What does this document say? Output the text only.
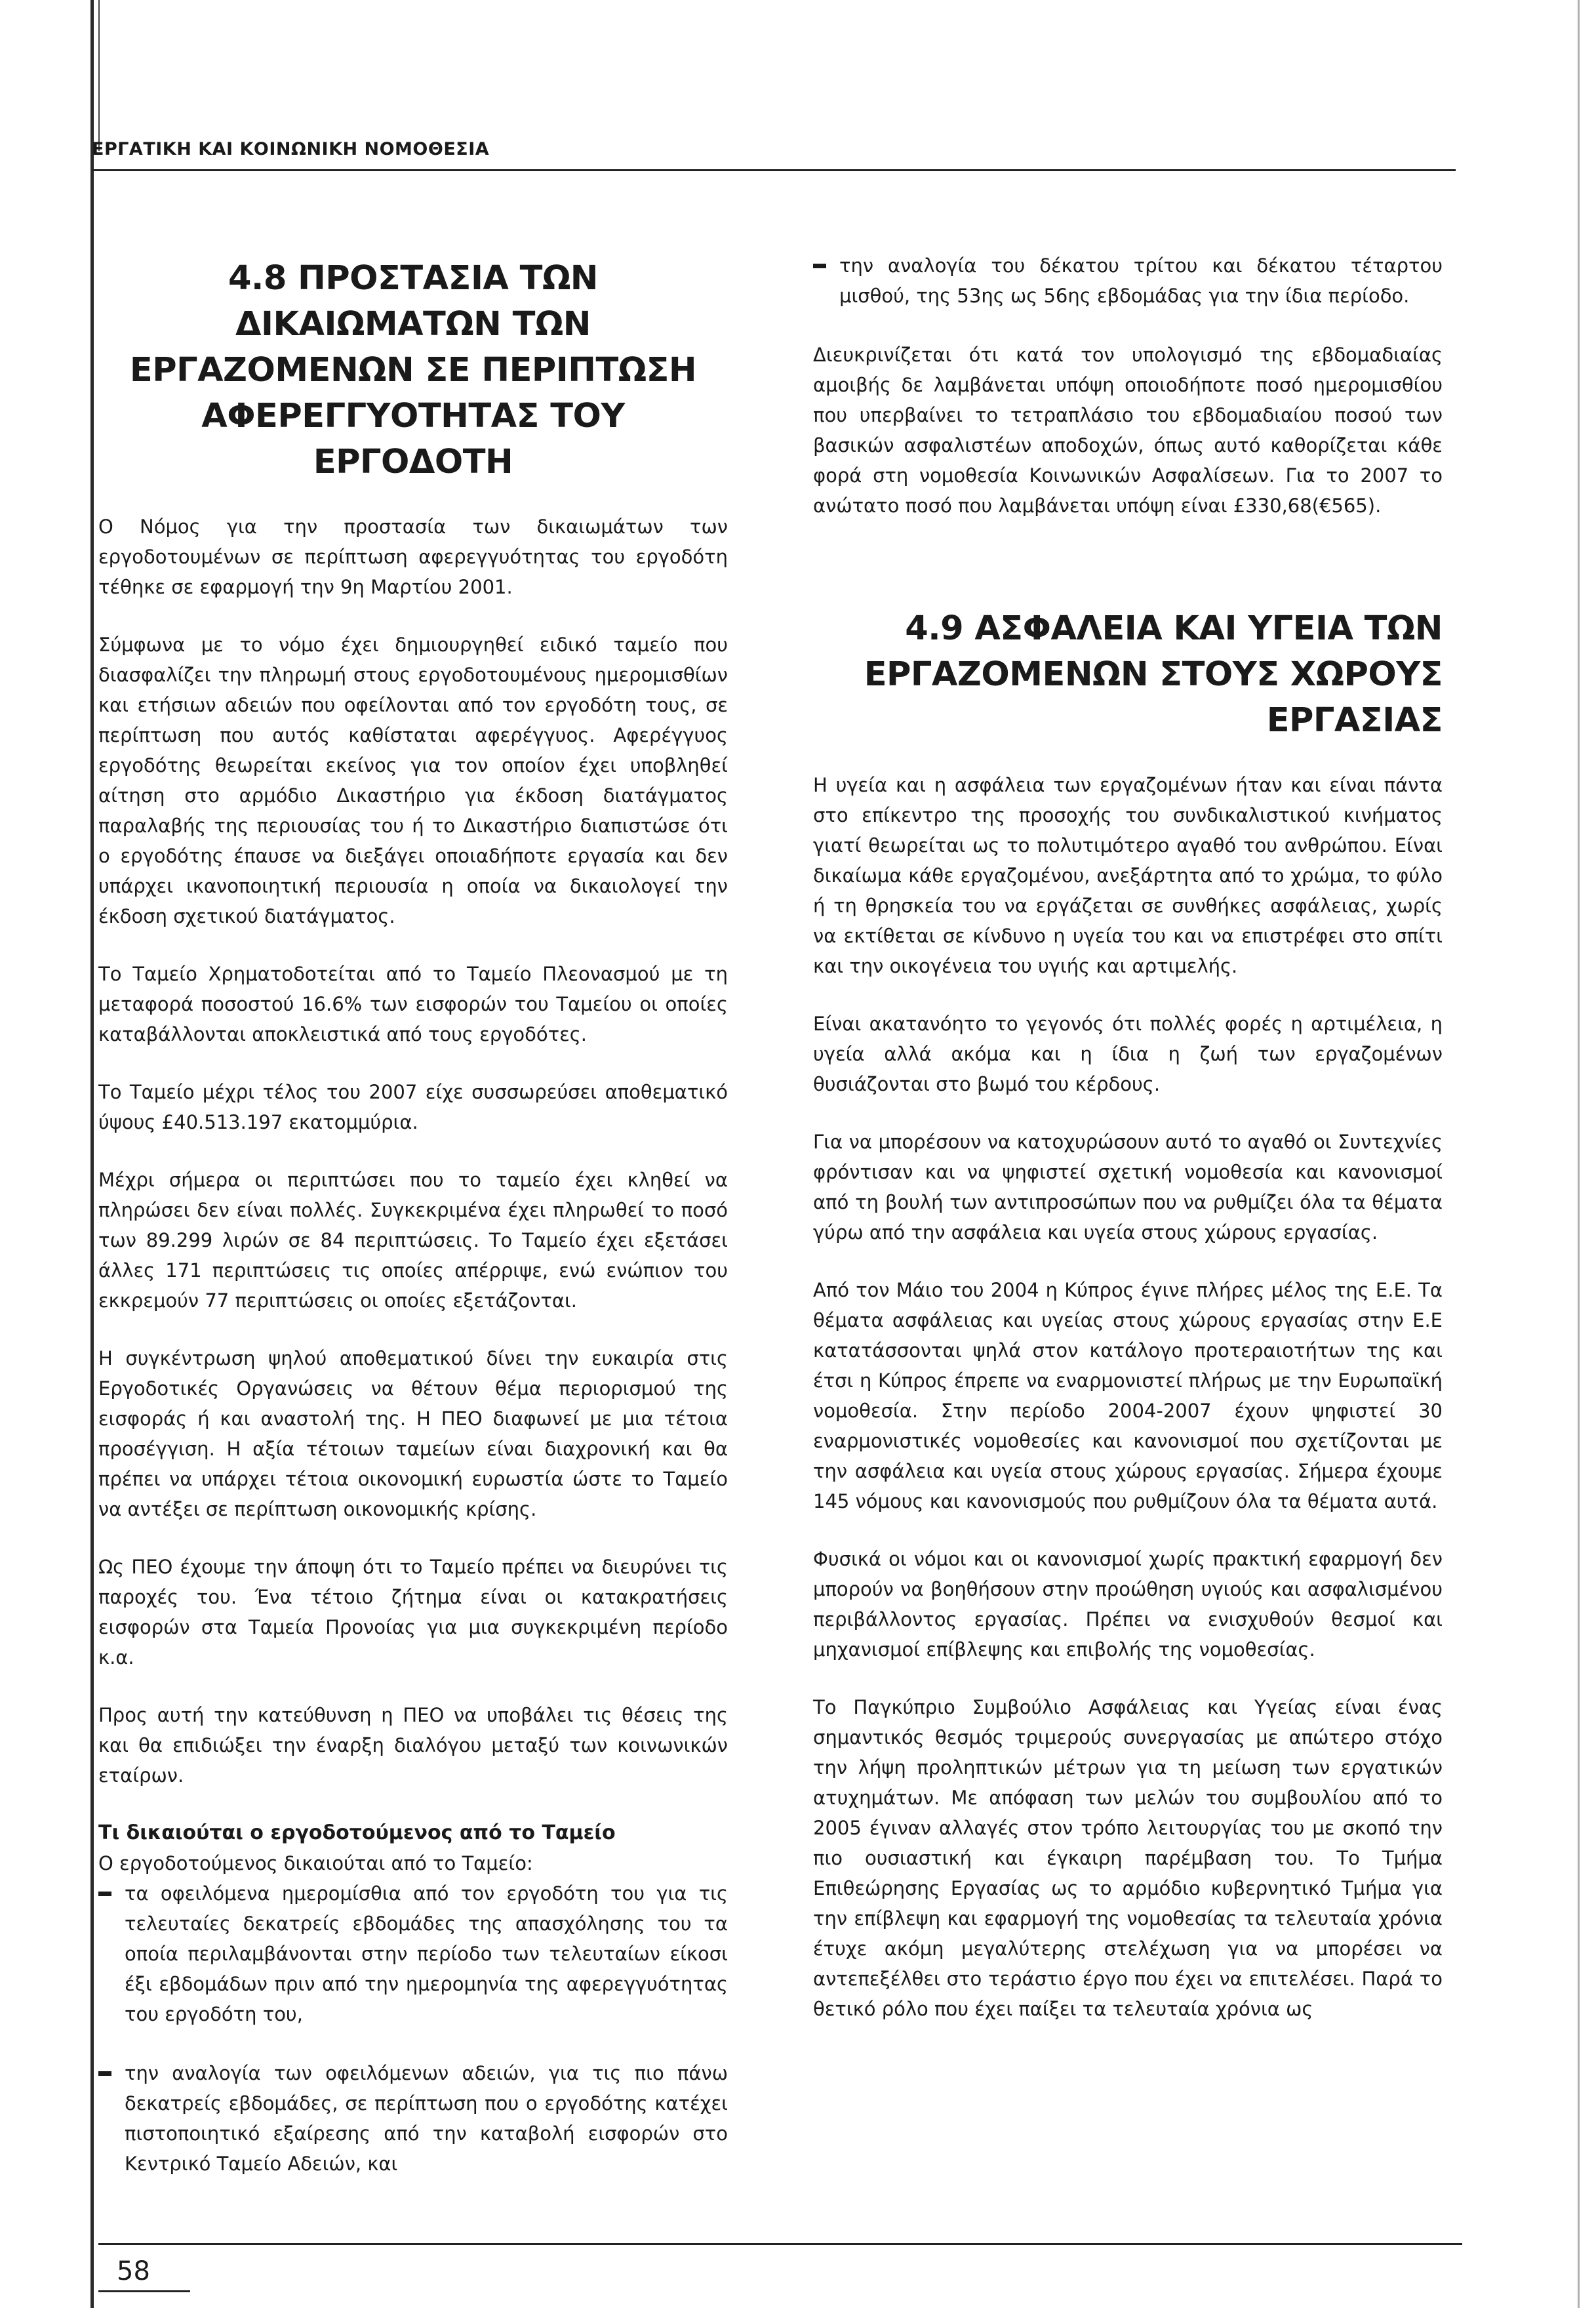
ΕΡΓΑΤΙΚΗ ΚΑΙ ΚΟΙΝΩΝΙΚΗ ΝΟΜΟΘΕΣΙΑ
4.8 ΠΡΟΣΤΑΣΙΑ ΤΩΝ ΔΙΚΑΙΩΜΑΤΩΝ ΤΩΝ ΕΡΓΑΖΟΜΕΝΩΝ ΣΕ ΠΕΡΙΠΤΩΣΗ ΑΦΕΡΕΓΓΥΟΤΗΤΑΣ ΤΟΥ ΕΡΓΟΔΟΤΗ

Ο Νόμος για την προστασία των δικαιωμάτων των εργοδοτουμένων σε περίπτωση αφερεγγυότητας του εργοδότη τέθηκε σε εφαρμογή την 9η Μαρτίου 2001.

Σύμφωνα με το νόμο έχει δημιουργηθεί ειδικό ταμείο που διασφαλίζει την πληρωμή στους εργοδοτουμένους ημερομισθίων και ετήσιων αδειών που οφείλονται από τον εργοδότη τους, σε περίπτωση που αυτός καθίσταται αφερέγγυος. Αφερέγγυος εργοδότης θεωρείται εκείνος για τον οποίον έχει υποβληθεί αίτηση στο αρμόδιο Δικαστήριο για έκδοση διατάγματος παραλαβής της περιουσίας του ή το Δικαστήριο διαπιστώσε ότι ο εργοδότης έπαυσε να διεξάγει οποιαδήποτε εργασία και δεν υπάρχει ικανοποιητική περιουσία η οποία να δικαιολογεί την έκδοση σχετικού διατάγματος.

Το Ταμείο Χρηματοδοτείται από το Ταμείο Πλεονασμού με τη μεταφορά ποσοστού 16.6% των εισφορών του Ταμείου οι οποίες καταβάλλονται αποκλειστικά από τους εργοδότες.

Το Ταμείο μέχρι τέλος του 2007 είχε συσσωρεύσει αποθεματικό ύψους £40.513.197 εκατομμύρια.

Μέχρι σήμερα οι περιπτώσει που το ταμείο έχει κληθεί να πληρώσει δεν είναι πολλές. Συγκεκριμένα έχει πληρωθεί το ποσό των 89.299 λιρών σε 84 περιπτώσεις. Το Ταμείο έχει εξετάσει άλλες 171 περιπτώσεις τις οποίες απέρριψε, ενώ ενώπιον του εκκρεμούν 77 περιπτώσεις οι οποίες εξετάζονται.

Η συγκέντρωση ψηλού αποθεματικού δίνει την ευκαιρία στις Εργοδοτικές Οργανώσεις να θέτουν θέμα περιορισμού της εισφοράς ή και αναστολή της. Η ΠΕΟ διαφωνεί με μια τέτοια προσέγγιση. Η αξία τέτοιων ταμείων είναι διαχρονική και θα πρέπει να υπάρχει τέτοια οικονομική ευρωστία ώστε το Ταμείο να αντέξει σε περίπτωση οικονομικής κρίσης.

Ως ΠΕΟ έχουμε την άποψη ότι το Ταμείο πρέπει να διευρύνει τις παροχές του. Ένα τέτοιο ζήτημα είναι οι κατακρατήσεις εισφορών στα Ταμεία Προνοίας για μια συγκεκριμένη περίοδο κ.α.

Προς αυτή την κατεύθυνση η ΠΕΟ να υποβάλει τις θέσεις της και θα επιδιώξει την έναρξη διαλόγου μεταξύ των κοινωνικών εταίρων.

Τι δικαιούται ο εργοδοτούμενος από το Ταμείο

Ο εργοδοτούμενος δικαιούται από το Ταμείο:

τα οφειλόμενα ημερομίσθια από τον εργοδότη του για τις τελευταίες δεκατρείς εβδομάδες της απασχόλησης του τα οποία περιλαμβάνονται στην περίοδο των τελευταίων είκοσι έξι εβδομάδων πριν από την ημερομηνία της αφερεγγυότητας του εργοδότη του,
την αναλογία των οφειλόμενων αδειών, για τις πιο πάνω δεκατρείς εβδομάδες, σε περίπτωση που ο εργοδότης κατέχει πιστοποιητικό εξαίρεσης από την καταβολή εισφορών στο Κεντρικό Ταμείο Αδειών, και
την αναλογία του δέκατου τρίτου και δέκατου τέταρτου μισθού, της 53ης ως 56ης εβδομάδας για την ίδια περίοδο.

Διευκρινίζεται ότι κατά τον υπολογισμό της εβδομαδιαίας αμοιβής δε λαμβάνεται υπόψη οποιοδήποτε ποσό ημερομισθίου που υπερβαίνει το τετραπλάσιο του εβδομαδιαίου ποσού των βασικών ασφαλιστέων αποδοχών, όπως αυτό καθορίζεται κάθε φορά στη νομοθεσία Κοινωνικών Ασφαλίσεων. Για το 2007 το ανώτατο ποσό που λαμβάνεται υπόψη είναι £330,68(€565).

4.9 ΑΣΦΑΛΕΙΑ ΚΑΙ ΥΓΕΙΑ ΤΩΝ ΕΡΓΑΖΟΜΕΝΩΝ ΣΤΟΥΣ ΧΩΡΟΥΣ ΕΡΓΑΣΙΑΣ

Η υγεία και η ασφάλεια των εργαζομένων ήταν και είναι πάντα στο επίκεντρο της προσοχής του συνδικαλιστικού κινήματος γιατί θεωρείται ως το πολυτιμότερο αγαθό του ανθρώπου. Είναι δικαίωμα κάθε εργαζομένου, ανεξάρτητα από το χρώμα, το φύλο ή τη θρησκεία του να εργάζεται σε συνθήκες ασφάλειας, χωρίς να εκτίθεται σε κίνδυνο η υγεία του και να επιστρέφει στο σπίτι και την οικογένεια του υγιής και αρτιμελής.

Είναι ακατανόητο το γεγονός ότι πολλές φορές η αρτιμέλεια, η υγεία αλλά ακόμα και η ίδια η ζωή των εργαζομένων θυσιάζονται στο βωμό του κέρδους.

Για να μπορέσουν να κατοχυρώσουν αυτό το αγαθό οι Συντεχνίες φρόντισαν και να ψηφιστεί σχετική νομοθεσία και κανονισμοί από τη βουλή των αντιπροσώπων που να ρυθμίζει όλα τα θέματα γύρω από την ασφάλεια και υγεία στους χώρους εργασίας.

Από τον Μάιο του 2004 η Κύπρος έγινε πλήρες μέλος της Ε.Ε. Τα θέματα ασφάλειας και υγείας στους χώρους εργασίας στην Ε.Ε κατατάσσονται ψηλά στον κατάλογο προτεραιοτήτων της και έτσι η Κύπρος έπρεπε να εναρμονιστεί πλήρως με την Ευρωπαϊκή νομοθεσία. Στην περίοδο 2004-2007 έχουν ψηφιστεί 30 εναρμονιστικές νομοθεσίες και κανονισμοί που σχετίζονται με την ασφάλεια και υγεία στους χώρους εργασίας. Σήμερα έχουμε 145 νόμους και κανονισμούς που ρυθμίζουν όλα τα θέματα αυτά.

Φυσικά οι νόμοι και οι κανονισμοί χωρίς πρακτική εφαρμογή δεν μπορούν να βοηθήσουν στην προώθηση υγιούς και ασφαλισμένου περιβάλλοντος εργασίας. Πρέπει να ενισχυθούν θεσμοί και μηχανισμοί επίβλεψης και επιβολής της νομοθεσίας.

Το Παγκύπριο Συμβούλιο Ασφάλειας και Υγείας είναι ένας σημαντικός θεσμός τριμερούς συνεργασίας με απώτερο στόχο την λήψη προληπτικών μέτρων για τη μείωση των εργατικών ατυχημάτων. Με απόφαση των μελών του συμβουλίου από το 2005 έγιναν αλλαγές στον τρόπο λειτουργίας του με σκοπό την πιο ουσιαστική και έγκαιρη παρέμβαση του. Το Τμήμα Επιθεώρησης Εργασίας ως το αρμόδιο κυβερνητικό Τμήμα για την επίβλεψη και εφαρμογή της νομοθεσίας τα τελευταία χρόνια έτυχε ακόμη μεγαλύτερης στελέχωση για να μπορέσει να αντεπεξέλθει στο τεράστιο έργο που έχει να επιτελέσει. Παρά το θετικό ρόλο που έχει παίξει τα τελευταία χρόνια ως

58
